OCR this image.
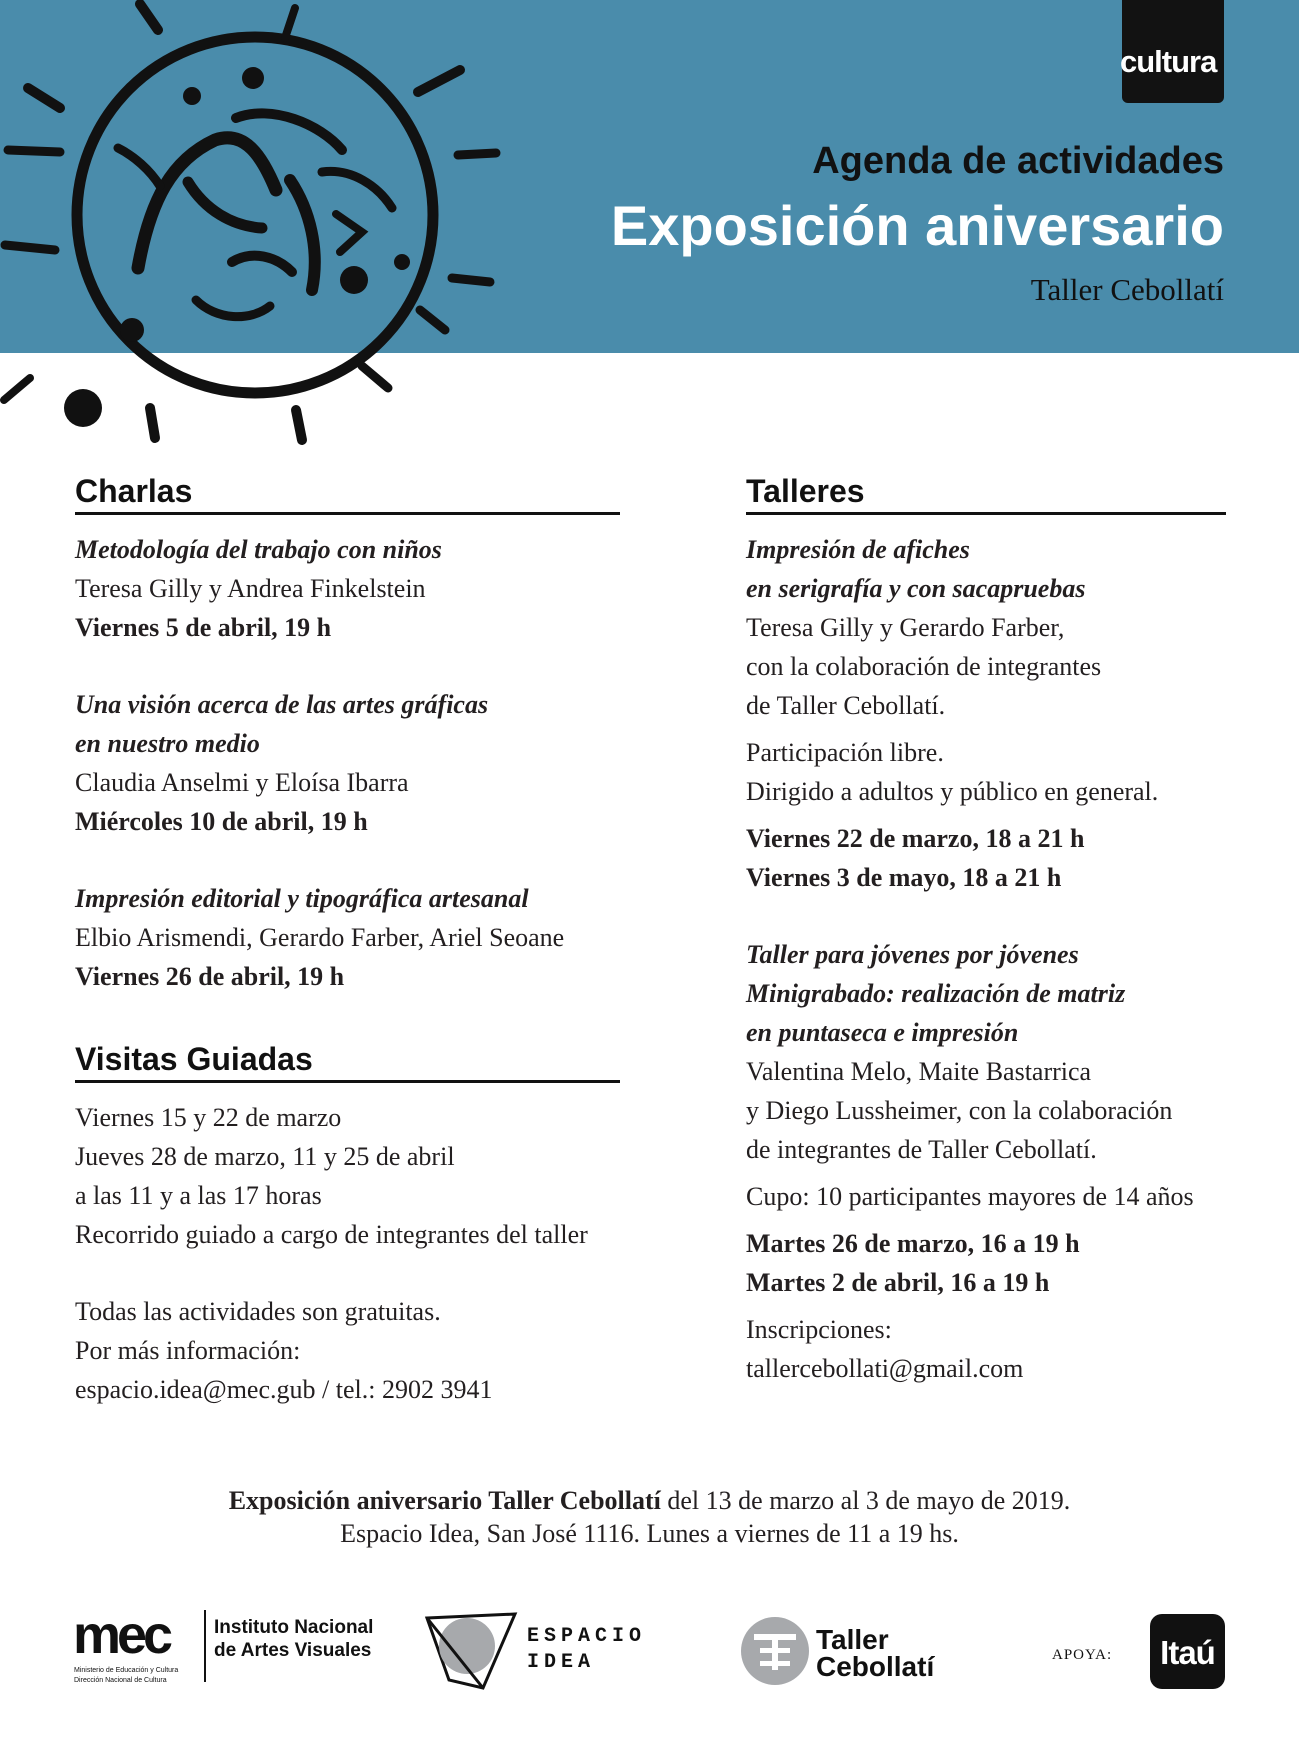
cultura
Agenda de actividades
Exposición aniversario
Taller Cebollatí
Charlas
Metodología del trabajo con niños
Teresa Gilly y Andrea Finkelstein
Viernes 5 de abril, 19 h
Una visión acerca de las artes gráficas
en nuestro medio
Claudia Anselmi y Eloísa Ibarra
Miércoles 10 de abril, 19 h
Impresión editorial y tipográfica artesanal
Elbio Arismendi, Gerardo Farber, Ariel Seoane
Viernes 26 de abril, 19 h
Visitas Guiadas
Viernes 15 y 22 de marzo
Jueves 28 de marzo, 11 y 25 de abril
a las 11 y a las 17 horas
Recorrido guiado a cargo de integrantes del taller
Todas las actividades son gratuitas.
Por más información:
espacio.idea@mec.gub / tel.: 2902 3941
Talleres
Impresión de afiches
en serigrafía y con sacapruebas
Teresa Gilly y Gerardo Farber,
con la colaboración de integrantes
de Taller Cebollatí.
Participación libre.
Dirigido a adultos y público en general.
Viernes 22 de marzo, 18 a 21 h
Viernes 3 de mayo, 18 a 21 h
Taller para jóvenes por jóvenes
Minigrabado: realización de matriz
en puntaseca e impresión
Valentina Melo, Maite Bastarrica
y Diego Lussheimer, con la colaboración
de integrantes de Taller Cebollatí.
Cupo: 10 participantes mayores de 14 años
Martes 26 de marzo, 16 a 19 h
Martes 2 de abril, 16 a 19 h
Inscripciones:
tallercebollati@gmail.com
Exposición aniversario Taller Cebollatí del 13 de marzo al 3 de mayo de 2019.
Espacio Idea, San José 1116. Lunes a viernes de 11 a 19 hs.
mec
Ministerio de Educación y Cultura
Dirección Nacional de Cultura
Instituto Nacional
de Artes Visuales
ESPACIO
IDEA
Taller
Cebollatí	APOYA:	Itaú
